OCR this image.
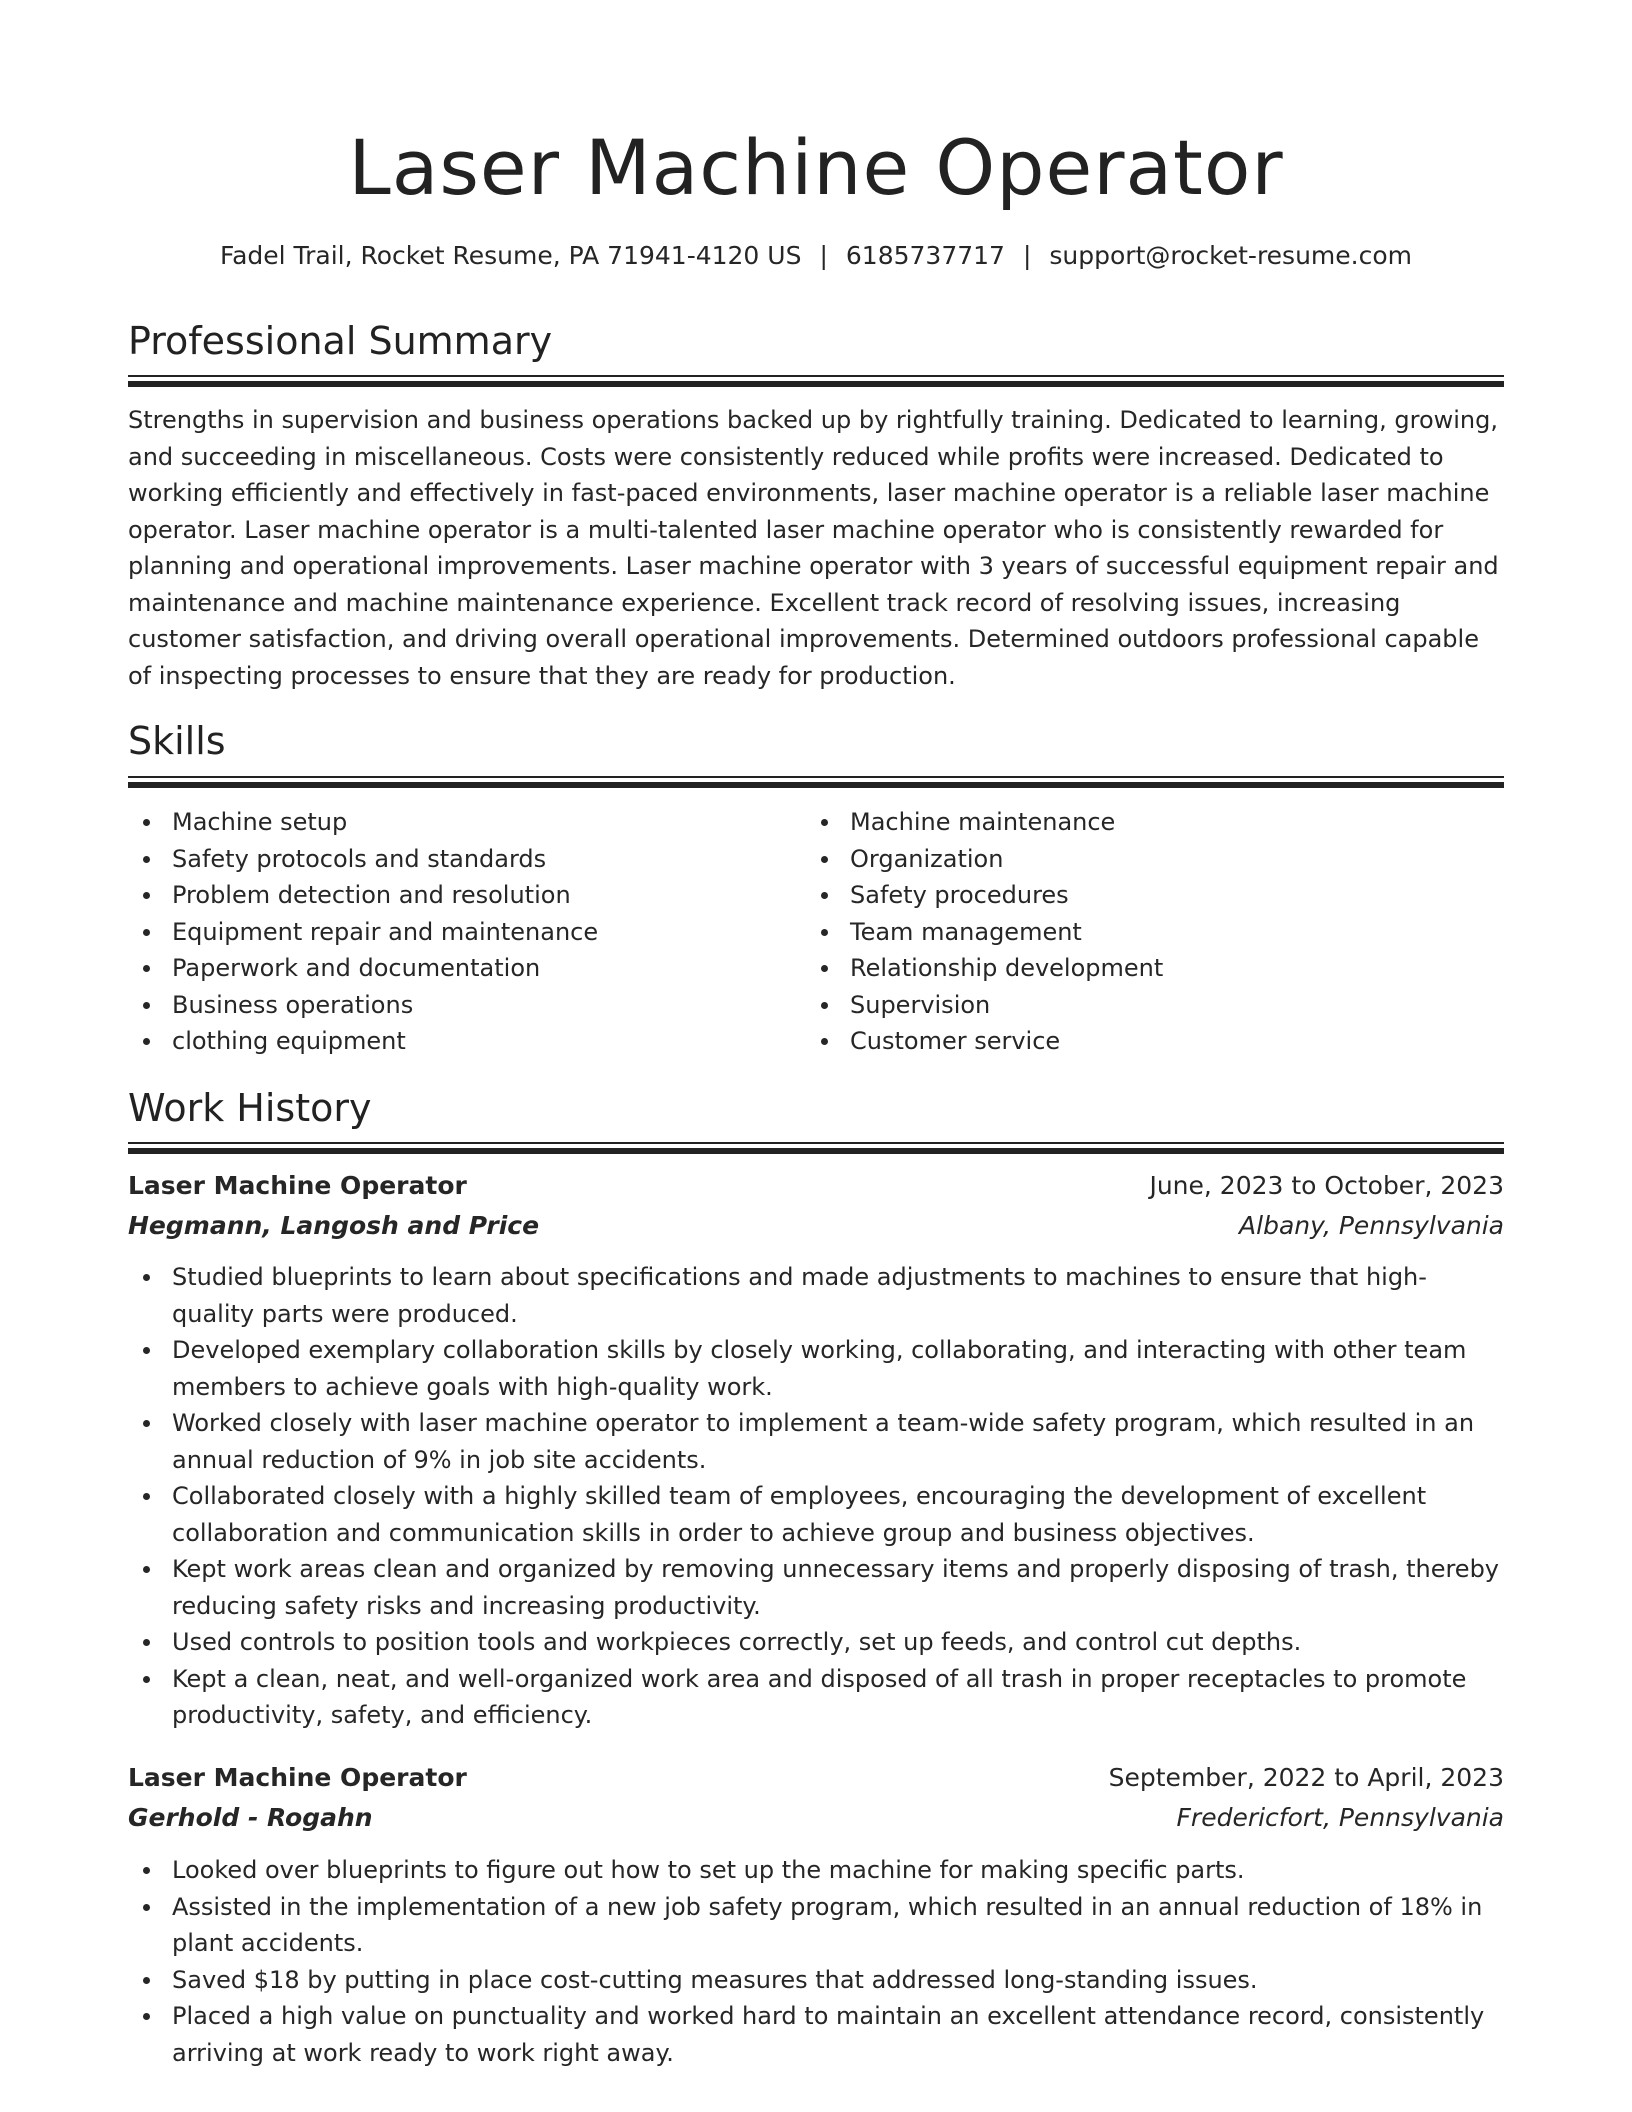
Laser Machine Operator
Fadel Trail, Rocket Resume, PA 71941-4120 US | 6185737717 | support@rocket-resume.com
Professional Summary

Strengths in supervision and business operations backed up by rightfully training. Dedicated to learning, growing, and succeeding in miscellaneous. Costs were consistently reduced while profits were increased. Dedicated to working efficiently and effectively in fast-paced environments, laser machine operator is a reliable laser machine operator. Laser machine operator is a multi-talented laser machine operator who is consistently rewarded for planning and operational improvements. Laser machine operator with 3 years of successful equipment repair and maintenance and machine maintenance experience. Excellent track record of resolving issues, increasing customer satisfaction, and driving overall operational improvements. Determined outdoors professional capable of inspecting processes to ensure that they are ready for production.

Skills
Machine setup
Safety protocols and standards
Problem detection and resolution
Equipment repair and maintenance
Paperwork and documentation
Business operations
clothing equipment
Machine maintenance
Organization
Safety procedures
Team management
Relationship development
Supervision
Customer service
Work History
Laser Machine Operator	June, 2023 to October, 2023
Hegmann, Langosh and Price	Albany, Pennsylvania
Studied blueprints to learn about specifications and made adjustments to machines to ensure that high-quality parts were produced.
Developed exemplary collaboration skills by closely working, collaborating, and interacting with other team members to achieve goals with high-quality work.
Worked closely with laser machine operator to implement a team-wide safety program, which resulted in an annual reduction of 9% in job site accidents.
Collaborated closely with a highly skilled team of employees, encouraging the development of excellent collaboration and communication skills in order to achieve group and business objectives.
Kept work areas clean and organized by removing unnecessary items and properly disposing of trash, thereby reducing safety risks and increasing productivity.
Used controls to position tools and workpieces correctly, set up feeds, and control cut depths.
Kept a clean, neat, and well-organized work area and disposed of all trash in proper receptacles to promote productivity, safety, and efficiency.
Laser Machine Operator	September, 2022 to April, 2023
Gerhold - Rogahn	Fredericfort, Pennsylvania
Looked over blueprints to figure out how to set up the machine for making specific parts.
Assisted in the implementation of a new job safety program, which resulted in an annual reduction of 18% in plant accidents.
Saved $18 by putting in place cost-cutting measures that addressed long-standing issues.
Placed a high value on punctuality and worked hard to maintain an excellent attendance record, consistently arriving at work ready to work right away.
